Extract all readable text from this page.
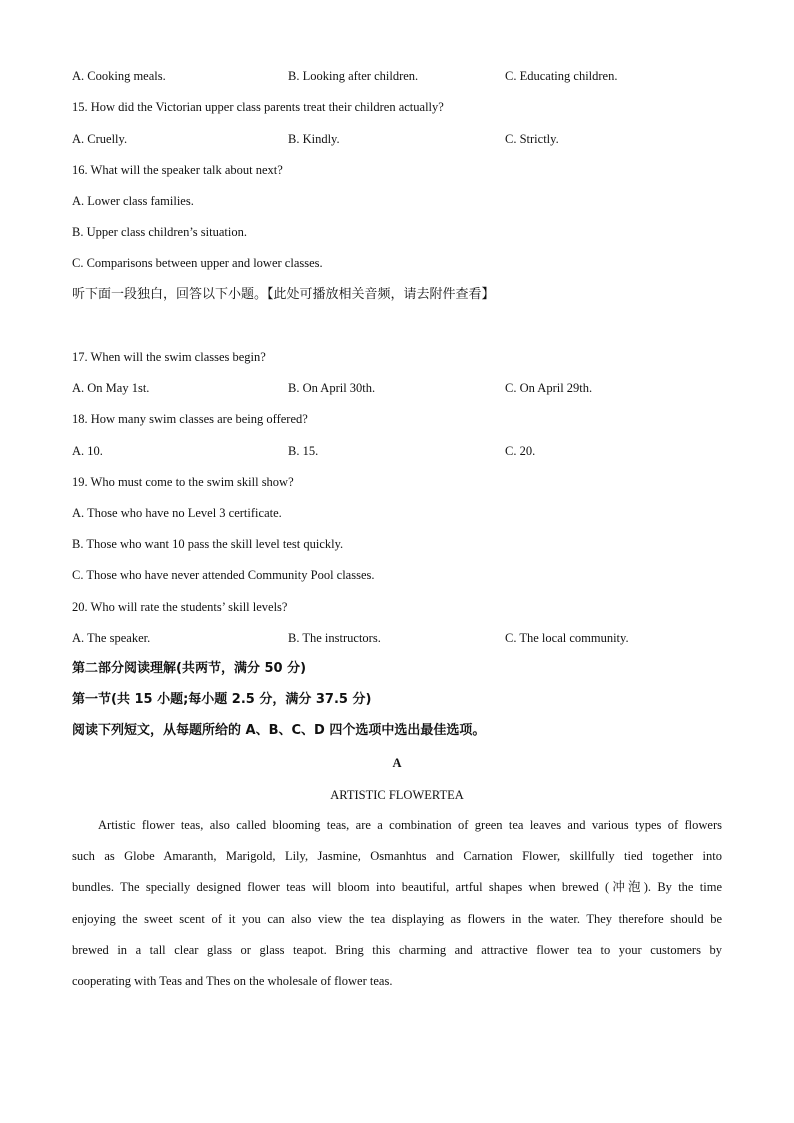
A. Cooking meals.	B. Looking after children.	C. Educating children.
15. How did the Victorian upper class parents treat their children actually?
A. Cruelly.	B. Kindly.	C. Strictly.
16. What will the speaker talk about next?
A. Lower class families.
B. Upper class children’s situation.
C. Comparisons between upper and lower classes.
听下面一段独白，回答以下小题。【此处可播放相关音频，请去附件查看】
17. When will the swim classes begin?
A. On May 1st.	B. On April 30th.	C. On April 29th.
18. How many swim classes are being offered?
A. 10.	B. 15.	C. 20.
19. Who must come to the swim skill show?
A. Those who have no Level 3 certificate.
B. Those who want 10 pass the skill level test quickly.
C. Those who have never attended Community Pool classes.
20. Who will rate the students’ skill levels?
A. The speaker.	B. The instructors.	C. The local community.
第二部分阅读理解(共两节，满分 50 分)
第一节(共 15 小题;每小题 2.5 分，满分 37.5 分)
阅读下列短文，从每题所给的 A、B、C、D 四个选项中选出最佳选项。
A
ARTISTIC FLOWERTEA
Artistic flower teas, also called blooming teas, are a combination of green tea leaves and various types of flowers
such as Globe Amaranth, Marigold, Lily, Jasmine, Osmanhtus and Carnation Flower, skillfully tied together into
bundles. The specially designed flower teas will bloom into beautiful, artful shapes when brewed (冲泡). By the time
enjoying the sweet scent of it you can also view the tea displaying as flowers in the water. They therefore should be
brewed in a tall clear glass or glass teapot. Bring this charming and attractive flower tea to your customers by
cooperating with Teas and Thes on the wholesale of flower teas.
